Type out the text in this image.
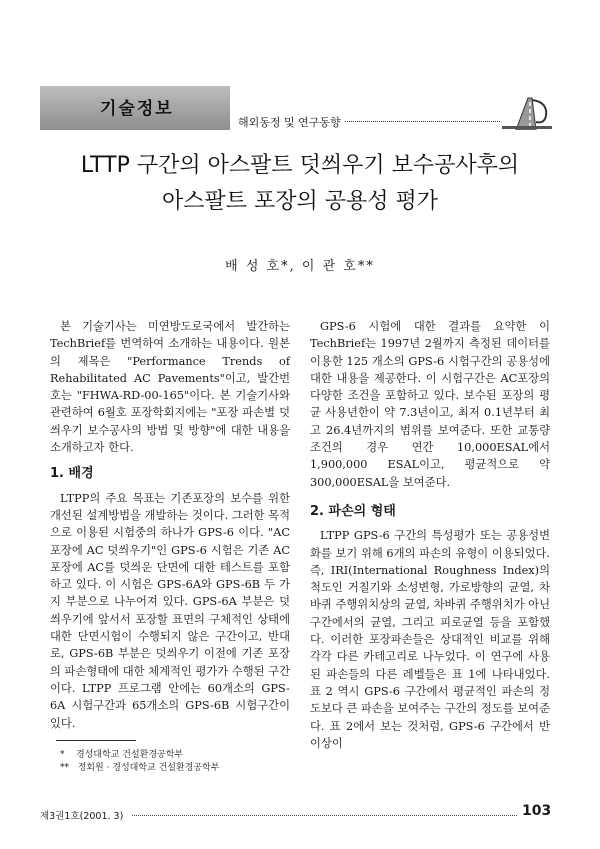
기술정보
해외동정 및 연구동향
LTTP 구간의 아스팔트 덧씌우기 보수공사후의
아스팔트 포장의 공용성 평가
배 성 호*, 이 관 호**

본 기술기사는 미연방도로국에서 발간하는 TechBrief를 번역하여 소개하는 내용이다. 원본의 제목은 "Performance Trends of Rehabilitated AC Pavements"이고, 발간번호는 "FHWA-RD-00-165"이다. 본 기술기사와 관련하여 6월호 포장학회지에는 "포장 파손별 덧씌우기 보수공사의 방법 및 방향"에 대한 내용을 소개하고자 한다.

1. 배경

LTPP의 주요 목표는 기존포장의 보수를 위한 개선된 설계방법을 개발하는 것이다. 그러한 목적으로 이용된 시험중의 하나가 GPS-6 이다. "AC 포장에 AC 덧씌우기"인 GPS-6 시험은 기존 AC 포장에 AC를 덧씌운 단면에 대한 테스트를 포함하고 있다. 이 시험은 GPS-6A와 GPS-6B 두 가지 부분으로 나누어져 있다. GPS-6A 부분은 덧씌우기에 앞서서 포장할 표면의 구체적인 상태에 대한 단면시험이 수행되지 않은 구간이고, 반대로, GPS-6B 부분은 덧씌우기 이전에 기존 포장의 파손형태에 대한 체계적인 평가가 수행된 구간이다. LTPP 프로그램 안에는 60개소의 GPS-6A 시험구간과 65개소의 GPS-6B 시험구간이 있다.

GPS-6 시험에 대한 결과를 요약한 이 TechBrief는 1997년 2월까지 측정된 데이터를 이용한 125 개소의 GPS-6 시험구간의 공용성에 대한 내용을 제공한다. 이 시험구간은 AC포장의 다양한 조건을 포함하고 있다. 보수된 포장의 평균 사용년한이 약 7.3년이고, 최저 0.1년부터 최고 26.4년까지의 범위를 보여준다. 또한 교통량 조건의 경우 연간 10,000ESAL에서 1,900,000 ESAL이고, 평균적으로 약 300,000ESAL을 보여준다.

2. 파손의 형태

LTPP GPS-6 구간의 특성평가 또는 공용성변화를 보기 위해 6개의 파손의 유형이 이용되었다. 즉, IRI(International Roughness Index)의 척도인 거칠기와 소성변형, 가로방향의 균열, 차바퀴 주행위치상의 균열, 차바퀴 주행위치가 아닌 구간에서의 균열, 그리고 피로균열 등을 포함했다. 이러한 포장파손들은 상대적인 비교를 위해 각각 다른 카테고리로 나누었다. 이 연구에 사용된 파손들의 다른 레벨들은 표 1에 나타내었다. 표 2 역시 GPS-6 구간에서 평균적인 파손의 정도보다 큰 파손을 보여주는 구간의 정도를 보여준다. 표 2에서 보는 것처럼, GPS-6 구간에서 반 이상이

* 경성대학교 건설환경공학부
** 정회원 · 경성대학교 건설환경공학부
제3권1호(2001. 3)	103
